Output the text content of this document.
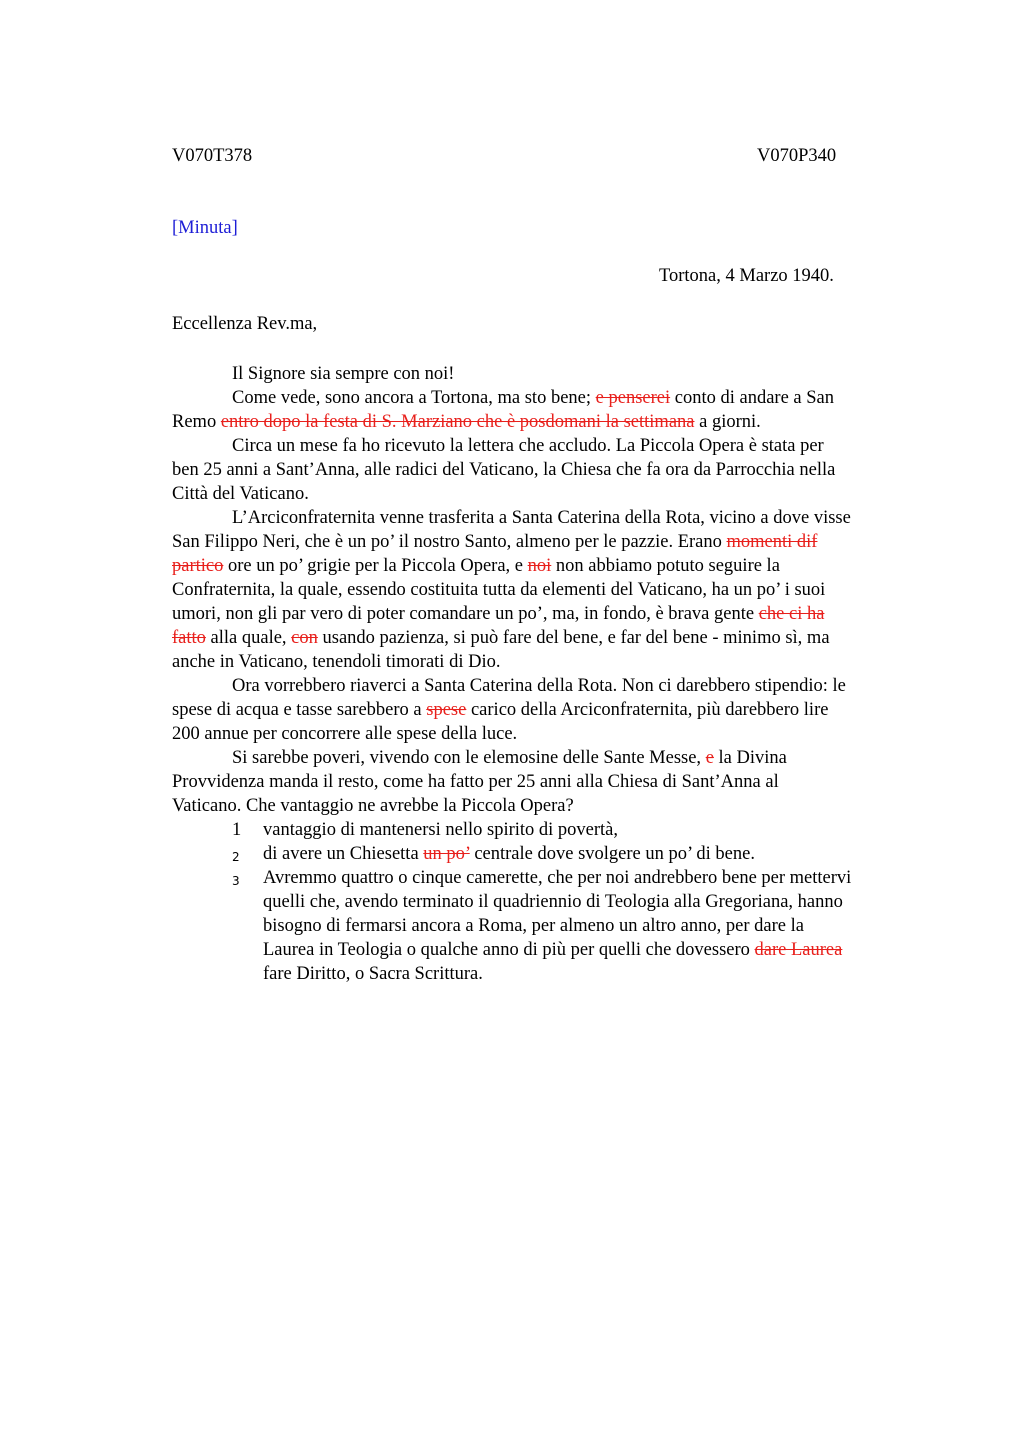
V070T378	V070P340
[Minuta]
Tortona, 4 Marzo 1940.
Eccellenza Rev.ma,
Il Signore sia sempre con noi!
Come vede, sono ancora a Tortona, ma sto bene; e penserei conto di andare a San
Remo entro dopo la festa di S. Marziano che è posdomani la settimana a giorni.
Circa un mese fa ho ricevuto la lettera che accludo. La Piccola Opera è stata per
ben 25 anni a Sant’Anna, alle radici del Vaticano, la Chiesa che fa ora da Parrocchia nella
Città del Vaticano.
L’Arciconfraternita venne trasferita a Santa Caterina della Rota, vicino a dove visse
San Filippo Neri, che è un po’ il nostro Santo, almeno per le pazzie. Erano momenti dif
partico ore un po’ grigie per la Piccola Opera, e noi non abbiamo potuto seguire la
Confraternita, la quale, essendo costituita tutta da elementi del Vaticano, ha un po’ i suoi
umori, non gli par vero di poter comandare un po’, ma, in fondo, è brava gente che ci ha
fatto alla quale, con usando pazienza, si può fare del bene, e far del bene - minimo sì, ma
anche in Vaticano, tenendoli timorati di Dio.
Ora vorrebbero riaverci a Santa Caterina della Rota. Non ci darebbero stipendio: le
spese di acqua e tasse sarebbero a spese carico della Arciconfraternita, più darebbero lire
200 annue per concorrere alle spese della luce.
Si sarebbe poveri, vivendo con le elemosine delle Sante Messe, e la Divina
Provvidenza manda il resto, come ha fatto per 25 anni alla Chiesa di Sant’Anna al
Vaticano. Che vantaggio ne avrebbe la Piccola Opera?
1	vantaggio di mantenersi nello spirito di povertà,
2	di avere un Chiesetta un po’ centrale dove svolgere un po’ di bene.
3	Avremmo quattro o cinque camerette, che per noi andrebbero bene per mettervi
quelli che, avendo terminato il quadriennio di Teologia alla Gregoriana, hanno
bisogno di fermarsi ancora a Roma, per almeno un altro anno, per dare la
Laurea in Teologia o qualche anno di più per quelli che dovessero dare Laurea
fare Diritto, o Sacra Scrittura.
